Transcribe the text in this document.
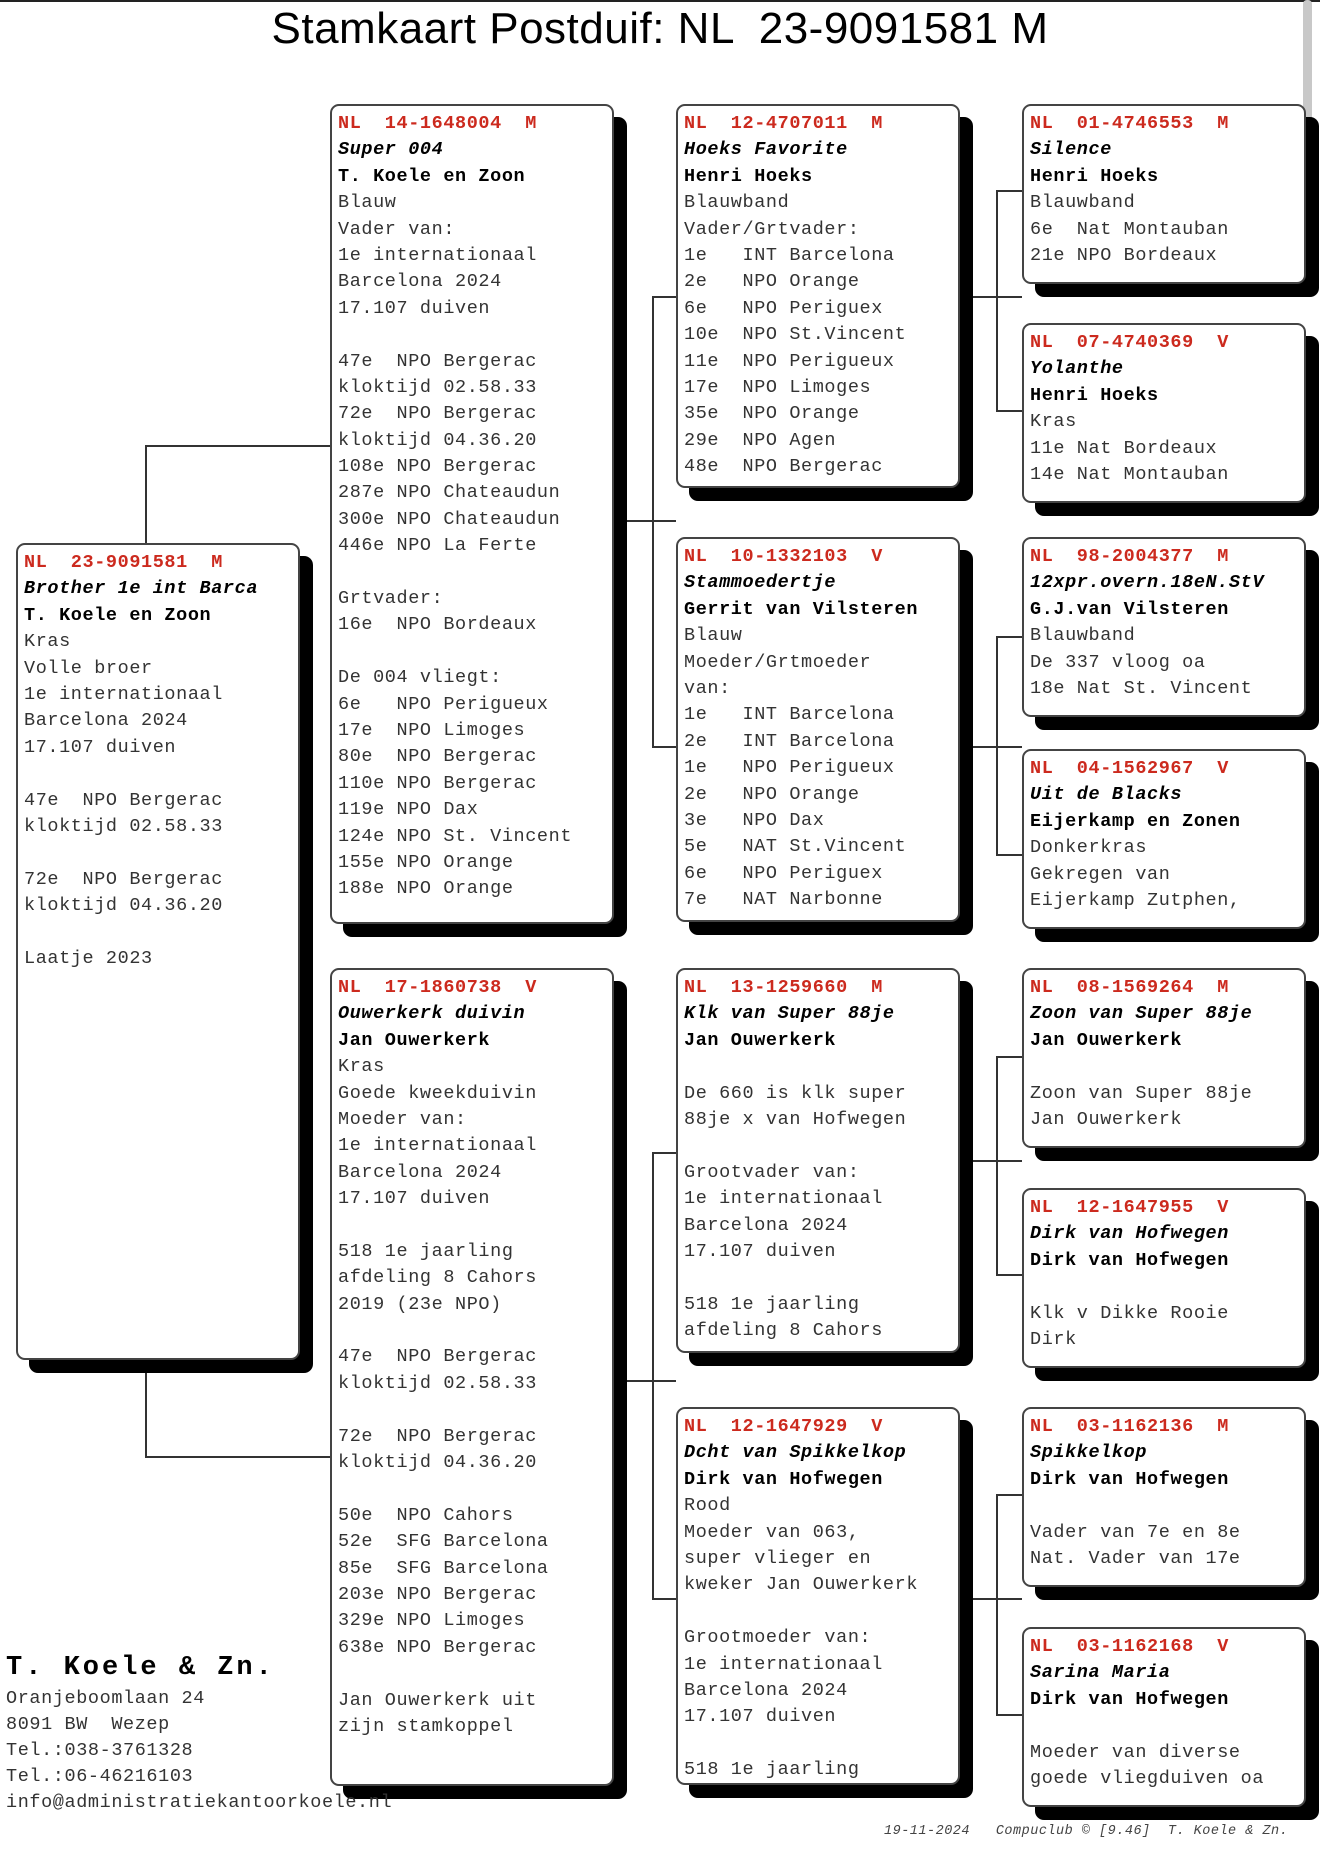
Stamkaart Postduif: NL  23-9091581 M
NL  23-9091581  M
Brother 1e int Barca
T. Koele en Zoon
Kras
Volle broer
1e internationaal
Barcelona 2024
17.107 duiven
47e  NPO Bergerac
kloktijd 02.58.33
72e  NPO Bergerac
kloktijd 04.36.20
Laatje 2023
NL  14-1648004  M
Super 004
T. Koele en Zoon
Blauw
Vader van:
1e internationaal
Barcelona 2024
17.107 duiven
47e  NPO Bergerac
kloktijd 02.58.33
72e  NPO Bergerac
kloktijd 04.36.20
108e NPO Bergerac
287e NPO Chateaudun
300e NPO Chateaudun
446e NPO La Ferte
Grtvader:
16e  NPO Bordeaux
De 004 vliegt:
6e   NPO Perigueux
17e  NPO Limoges
80e  NPO Bergerac
110e NPO Bergerac
119e NPO Dax
124e NPO St. Vincent
155e NPO Orange
188e NPO Orange
NL  17-1860738  V
Ouwerkerk duivin
Jan Ouwerkerk
Kras
Goede kweekduivin
Moeder van:
1e internationaal
Barcelona 2024
17.107 duiven
518 1e jaarling
afdeling 8 Cahors
2019 (23e NPO)
47e  NPO Bergerac
kloktijd 02.58.33
72e  NPO Bergerac
kloktijd 04.36.20
50e  NPO Cahors
52e  SFG Barcelona
85e  SFG Barcelona
203e NPO Bergerac
329e NPO Limoges
638e NPO Bergerac
Jan Ouwerkerk uit
zijn stamkoppel
NL  12-4707011  M
Hoeks Favorite
Henri Hoeks
Blauwband
Vader/Grtvader:
1e   INT Barcelona
2e   NPO Orange
6e   NPO Periguex
10e  NPO St.Vincent
11e  NPO Perigueux
17e  NPO Limoges
35e  NPO Orange
29e  NPO Agen
48e  NPO Bergerac
NL  10-1332103  V
Stammoedertje
Gerrit van Vilsteren
Blauw
Moeder/Grtmoeder
van:
1e   INT Barcelona
2e   INT Barcelona
1e   NPO Perigueux
2e   NPO Orange
3e   NPO Dax
5e   NAT St.Vincent
6e   NPO Periguex
7e   NAT Narbonne
NL  13-1259660  M
Klk van Super 88je
Jan Ouwerkerk
De 660 is klk super
88je x van Hofwegen
Grootvader van:
1e internationaal
Barcelona 2024
17.107 duiven
518 1e jaarling
afdeling 8 Cahors
NL  12-1647929  V
Dcht van Spikkelkop
Dirk van Hofwegen
Rood
Moeder van 063,
super vlieger en
kweker Jan Ouwerkerk
Grootmoeder van:
1e internationaal
Barcelona 2024
17.107 duiven
518 1e jaarling
NL  01-4746553  M
Silence
Henri Hoeks
Blauwband
6e  Nat Montauban
21e NPO Bordeaux
NL  07-4740369  V
Yolanthe
Henri Hoeks
Kras
11e Nat Bordeaux
14e Nat Montauban
NL  98-2004377  M
12xpr.overn.18eN.StV
G.J.van Vilsteren
Blauwband
De 337 vloog oa
18e Nat St. Vincent
NL  04-1562967  V
Uit de Blacks
Eijerkamp en Zonen
Donkerkras
Gekregen van
Eijerkamp Zutphen,
NL  08-1569264  M
Zoon van Super 88je
Jan Ouwerkerk
Zoon van Super 88je
Jan Ouwerkerk
NL  12-1647955  V
Dirk van Hofwegen
Dirk van Hofwegen
Klk v Dikke Rooie
Dirk
NL  03-1162136  M
Spikkelkop
Dirk van Hofwegen
Vader van 7e en 8e
Nat. Vader van 17e
NL  03-1162168  V
Sarina Maria
Dirk van Hofwegen
Moeder van diverse
goede vliegduiven oa
T. Koele & Zn.
Oranjeboomlaan 24
8091 BW  Wezep
Tel.:038-3761328
Tel.:06-46216103
info@administratiekantoorkoele.nl
19-11-2024   Compuclub © [9.46]  T. Koele & Zn.
